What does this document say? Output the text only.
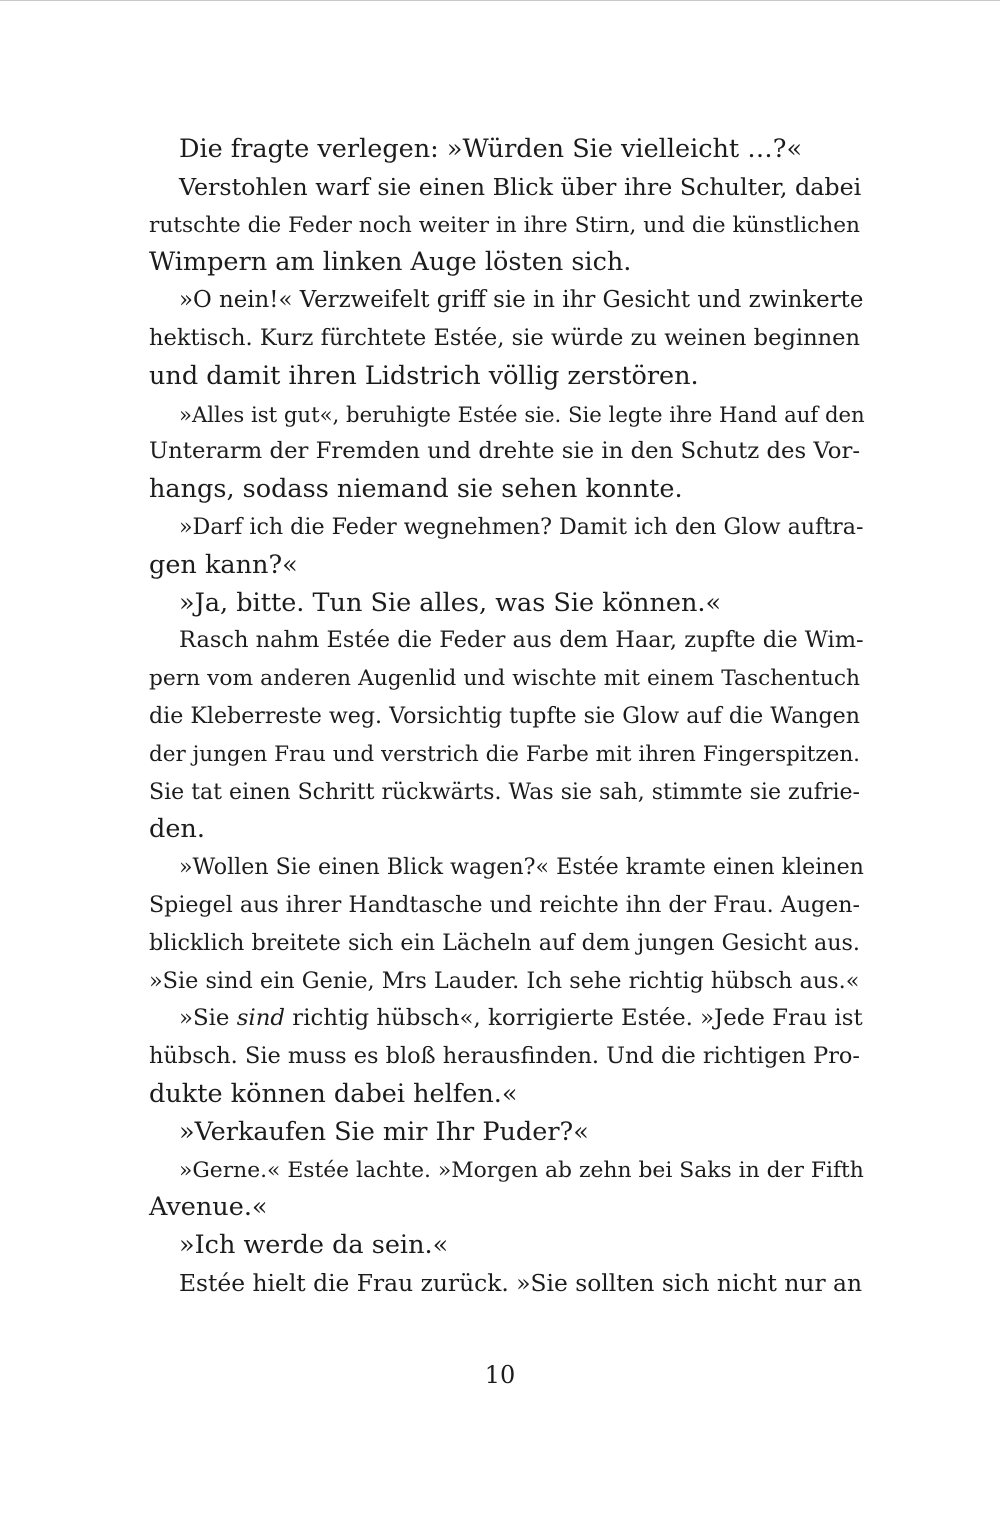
Die fragte verlegen: »Würden Sie vielleicht …?«
Verstohlen warf sie einen Blick über ihre Schulter, dabei
rutschte die Feder noch weiter in ihre Stirn, und die künstlichen
Wimpern am linken Auge lösten sich.
»O nein!« Verzweifelt griff sie in ihr Gesicht und zwinkerte
hektisch. Kurz fürchtete Estée, sie würde zu weinen beginnen
und damit ihren Lidstrich völlig zerstören.
»Alles ist gut«, beruhigte Estée sie. Sie legte ihre Hand auf den
Unterarm der Fremden und drehte sie in den Schutz des Vor-
hangs, sodass niemand sie sehen konnte.
»Darf ich die Feder wegnehmen? Damit ich den Glow auftra-
gen kann?«
»Ja, bitte. Tun Sie alles, was Sie können.«
Rasch nahm Estée die Feder aus dem Haar, zupfte die Wim-
pern vom anderen Augenlid und wischte mit einem Taschentuch
die Kleberreste weg. Vorsichtig tupfte sie Glow auf die Wangen
der jungen Frau und verstrich die Farbe mit ihren Fingerspitzen.
Sie tat einen Schritt rückwärts. Was sie sah, stimmte sie zufrie-
den.
»Wollen Sie einen Blick wagen?« Estée kramte einen kleinen
Spiegel aus ihrer Handtasche und reichte ihn der Frau. Augen-
blicklich breitete sich ein Lächeln auf dem jungen Gesicht aus.
»Sie sind ein Genie, Mrs Lauder. Ich sehe richtig hübsch aus.«
»Sie sind richtig hübsch«, korrigierte Estée. »Jede Frau ist
hübsch. Sie muss es bloß herausfinden. Und die richtigen Pro-
dukte können dabei helfen.«
»Verkaufen Sie mir Ihr Puder?«
»Gerne.« Estée lachte. »Morgen ab zehn bei Saks in der Fifth
Avenue.«
»Ich werde da sein.«
Estée hielt die Frau zurück. »Sie sollten sich nicht nur an
10
